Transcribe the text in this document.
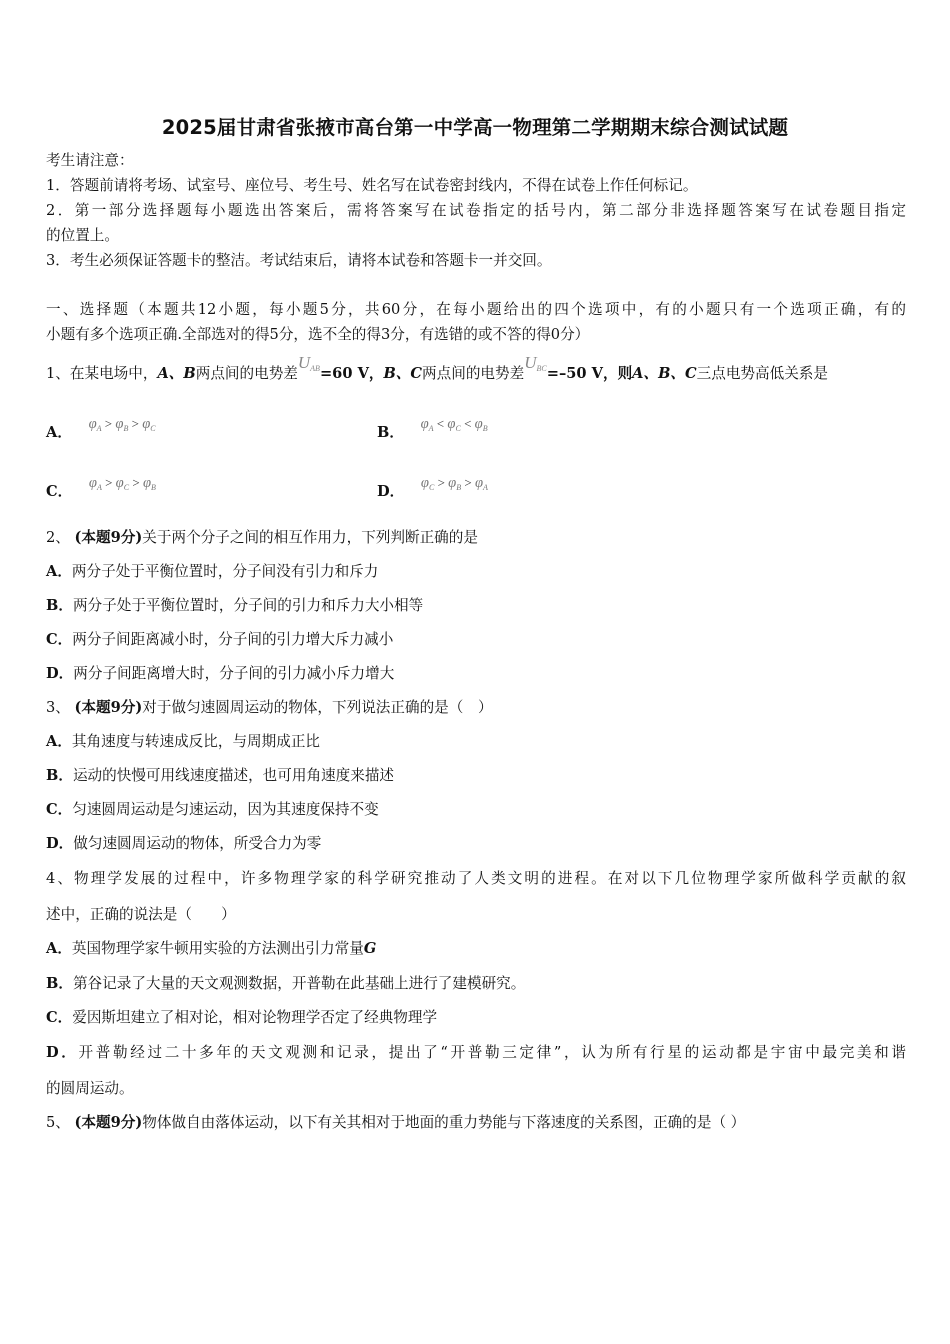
2025届甘肃省张掖市高台第一中学高一物理第二学期期末综合测试试题
考生请注意：
1．答题前请将考场、试室号、座位号、考生号、姓名写在试卷密封线内，不得在试卷上作任何标记。
2．第一部分选择题每小题选出答案后，需将答案写在试卷指定的括号内，第二部分非选择题答案写在试卷题目指定
的位置上。
3．考生必须保证答题卡的整洁。考试结束后，请将本试卷和答题卡一并交回。
一、选择题（本题共12小题，每小题5分，共60分，在每小题给出的四个选项中，有的小题只有一个选项正确，有的
小题有多个选项正确.全部选对的得5分，选不全的得3分，有选错的或不答的得0分）
1、在某电场中，A、B两点间的电势差$U_{AB}=60$ V，B、C两点间的电势差$U_{BC}=-50$ V，则A、B、C三点电势高低关系是
A． $\varphi_A > \varphi_B > \varphi_C$	B． $\varphi_A < \varphi_C < \varphi_B$
C． $\varphi_A > \varphi_C > \varphi_B$	D． $\varphi_C > \varphi_B > \varphi_A$
2、 (本题9分)关于两个分子之间的相互作用力，下列判断正确的是
A．两分子处于平衡位置时，分子间没有引力和斥力
B．两分子处于平衡位置时，分子间的引力和斥力大小相等
C．两分子间距离减小时，分子间的引力增大斥力减小
D．两分子间距离增大时，分子间的引力减小斥力增大
3、 (本题9分)对于做匀速圆周运动的物体，下列说法正确的是（　）
A．其角速度与转速成反比，与周期成正比
B．运动的快慢可用线速度描述，也可用角速度来描述
C．匀速圆周运动是匀速运动，因为其速度保持不变
D．做匀速圆周运动的物体，所受合力为零
4、物理学发展的过程中，许多物理学家的科学研究推动了人类文明的进程。在对以下几位物理学家所做科学贡献的叙
述中，正确的说法是（　　）
A．英国物理学家牛顿用实验的方法测出引力常量G
B．第谷记录了大量的天文观测数据，开普勒在此基础上进行了建模研究。
C．爱因斯坦建立了相对论，相对论物理学否定了经典物理学
D．开普勒经过二十多年的天文观测和记录，提出了“开普勒三定律”，认为所有行星的运动都是宇宙中最完美和谐
的圆周运动。
5、 (本题9分)物体做自由落体运动，以下有关其相对于地面的重力势能与下落速度的关系图，正确的是（ ）
